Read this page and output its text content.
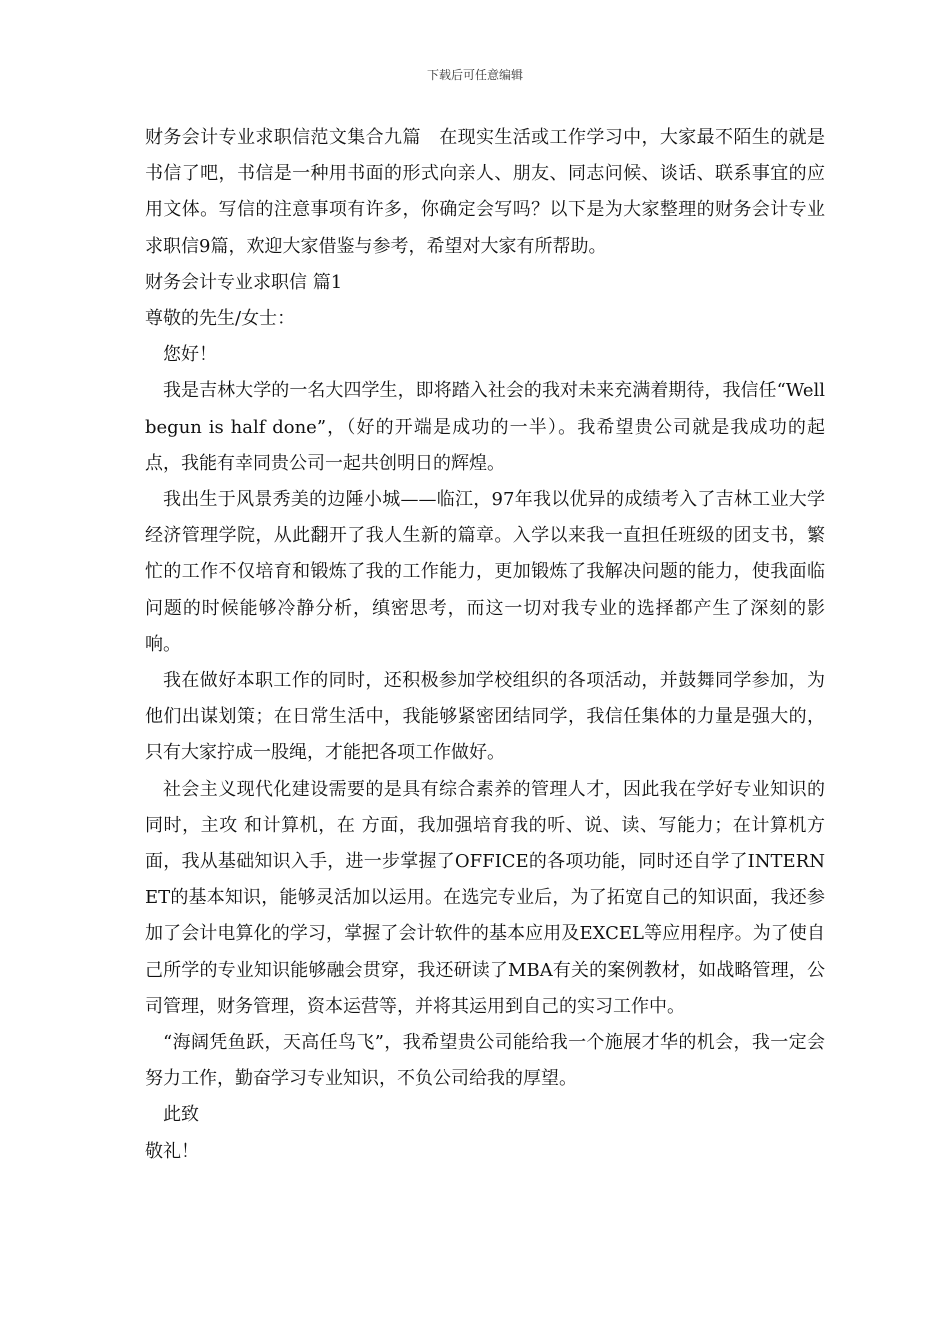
下载后可任意编辑

财务会计专业求职信范文集合九篇　在现实生活或工作学习中，大家最不陌生的就是书信了吧，书信是一种用书面的形式向亲人、朋友、同志问候、谈话、联系事宜的应用文体。写信的注意事项有许多，你确定会写吗？以下是为大家整理的财务会计专业求职信9篇，欢迎大家借鉴与参考，希望对大家有所帮助。

财务会计专业求职信 篇1

尊敬的先生/女士：

您好！

我是吉林大学的一名大四学生，即将踏入社会的我对未来充满着期待，我信任“Well begun is half done”，（好的开端是成功的一半）。我希望贵公司就是我成功的起点，我能有幸同贵公司一起共创明日的辉煌。

我出生于风景秀美的边陲小城——临江，97年我以优异的成绩考入了吉林工业大学经济管理学院，从此翻开了我人生新的篇章。入学以来我一直担任班级的团支书，繁忙的工作不仅培育和锻炼了我的工作能力，更加锻炼了我解决问题的能力，使我面临问题的时候能够冷静分析，缜密思考，而这一切对我专业的选择都产生了深刻的影响。

我在做好本职工作的同时，还积极参加学校组织的各项活动，并鼓舞同学参加，为他们出谋划策；在日常生活中，我能够紧密团结同学，我信任集体的力量是强大的，只有大家拧成一股绳，才能把各项工作做好。

社会主义现代化建设需要的是具有综合素养的管理人才，因此我在学好专业知识的同时，主攻 和计算机，在 方面，我加强培育我的听、说、读、写能力；在计算机方面，我从基础知识入手，进一步掌握了OFFICE的各项功能，同时还自学了INTERNET的基本知识，能够灵活加以运用。在选完专业后，为了拓宽自己的知识面，我还参加了会计电算化的学习，掌握了会计软件的基本应用及EXCEL等应用程序。为了使自己所学的专业知识能够融会贯穿，我还研读了MBA有关的案例教材，如战略管理，公司管理，财务管理，资本运营等，并将其运用到自己的实习工作中。

“海阔凭鱼跃，天高任鸟飞”，我希望贵公司能给我一个施展才华的机会，我一定会努力工作，勤奋学习专业知识，不负公司给我的厚望。

此致

敬礼！
